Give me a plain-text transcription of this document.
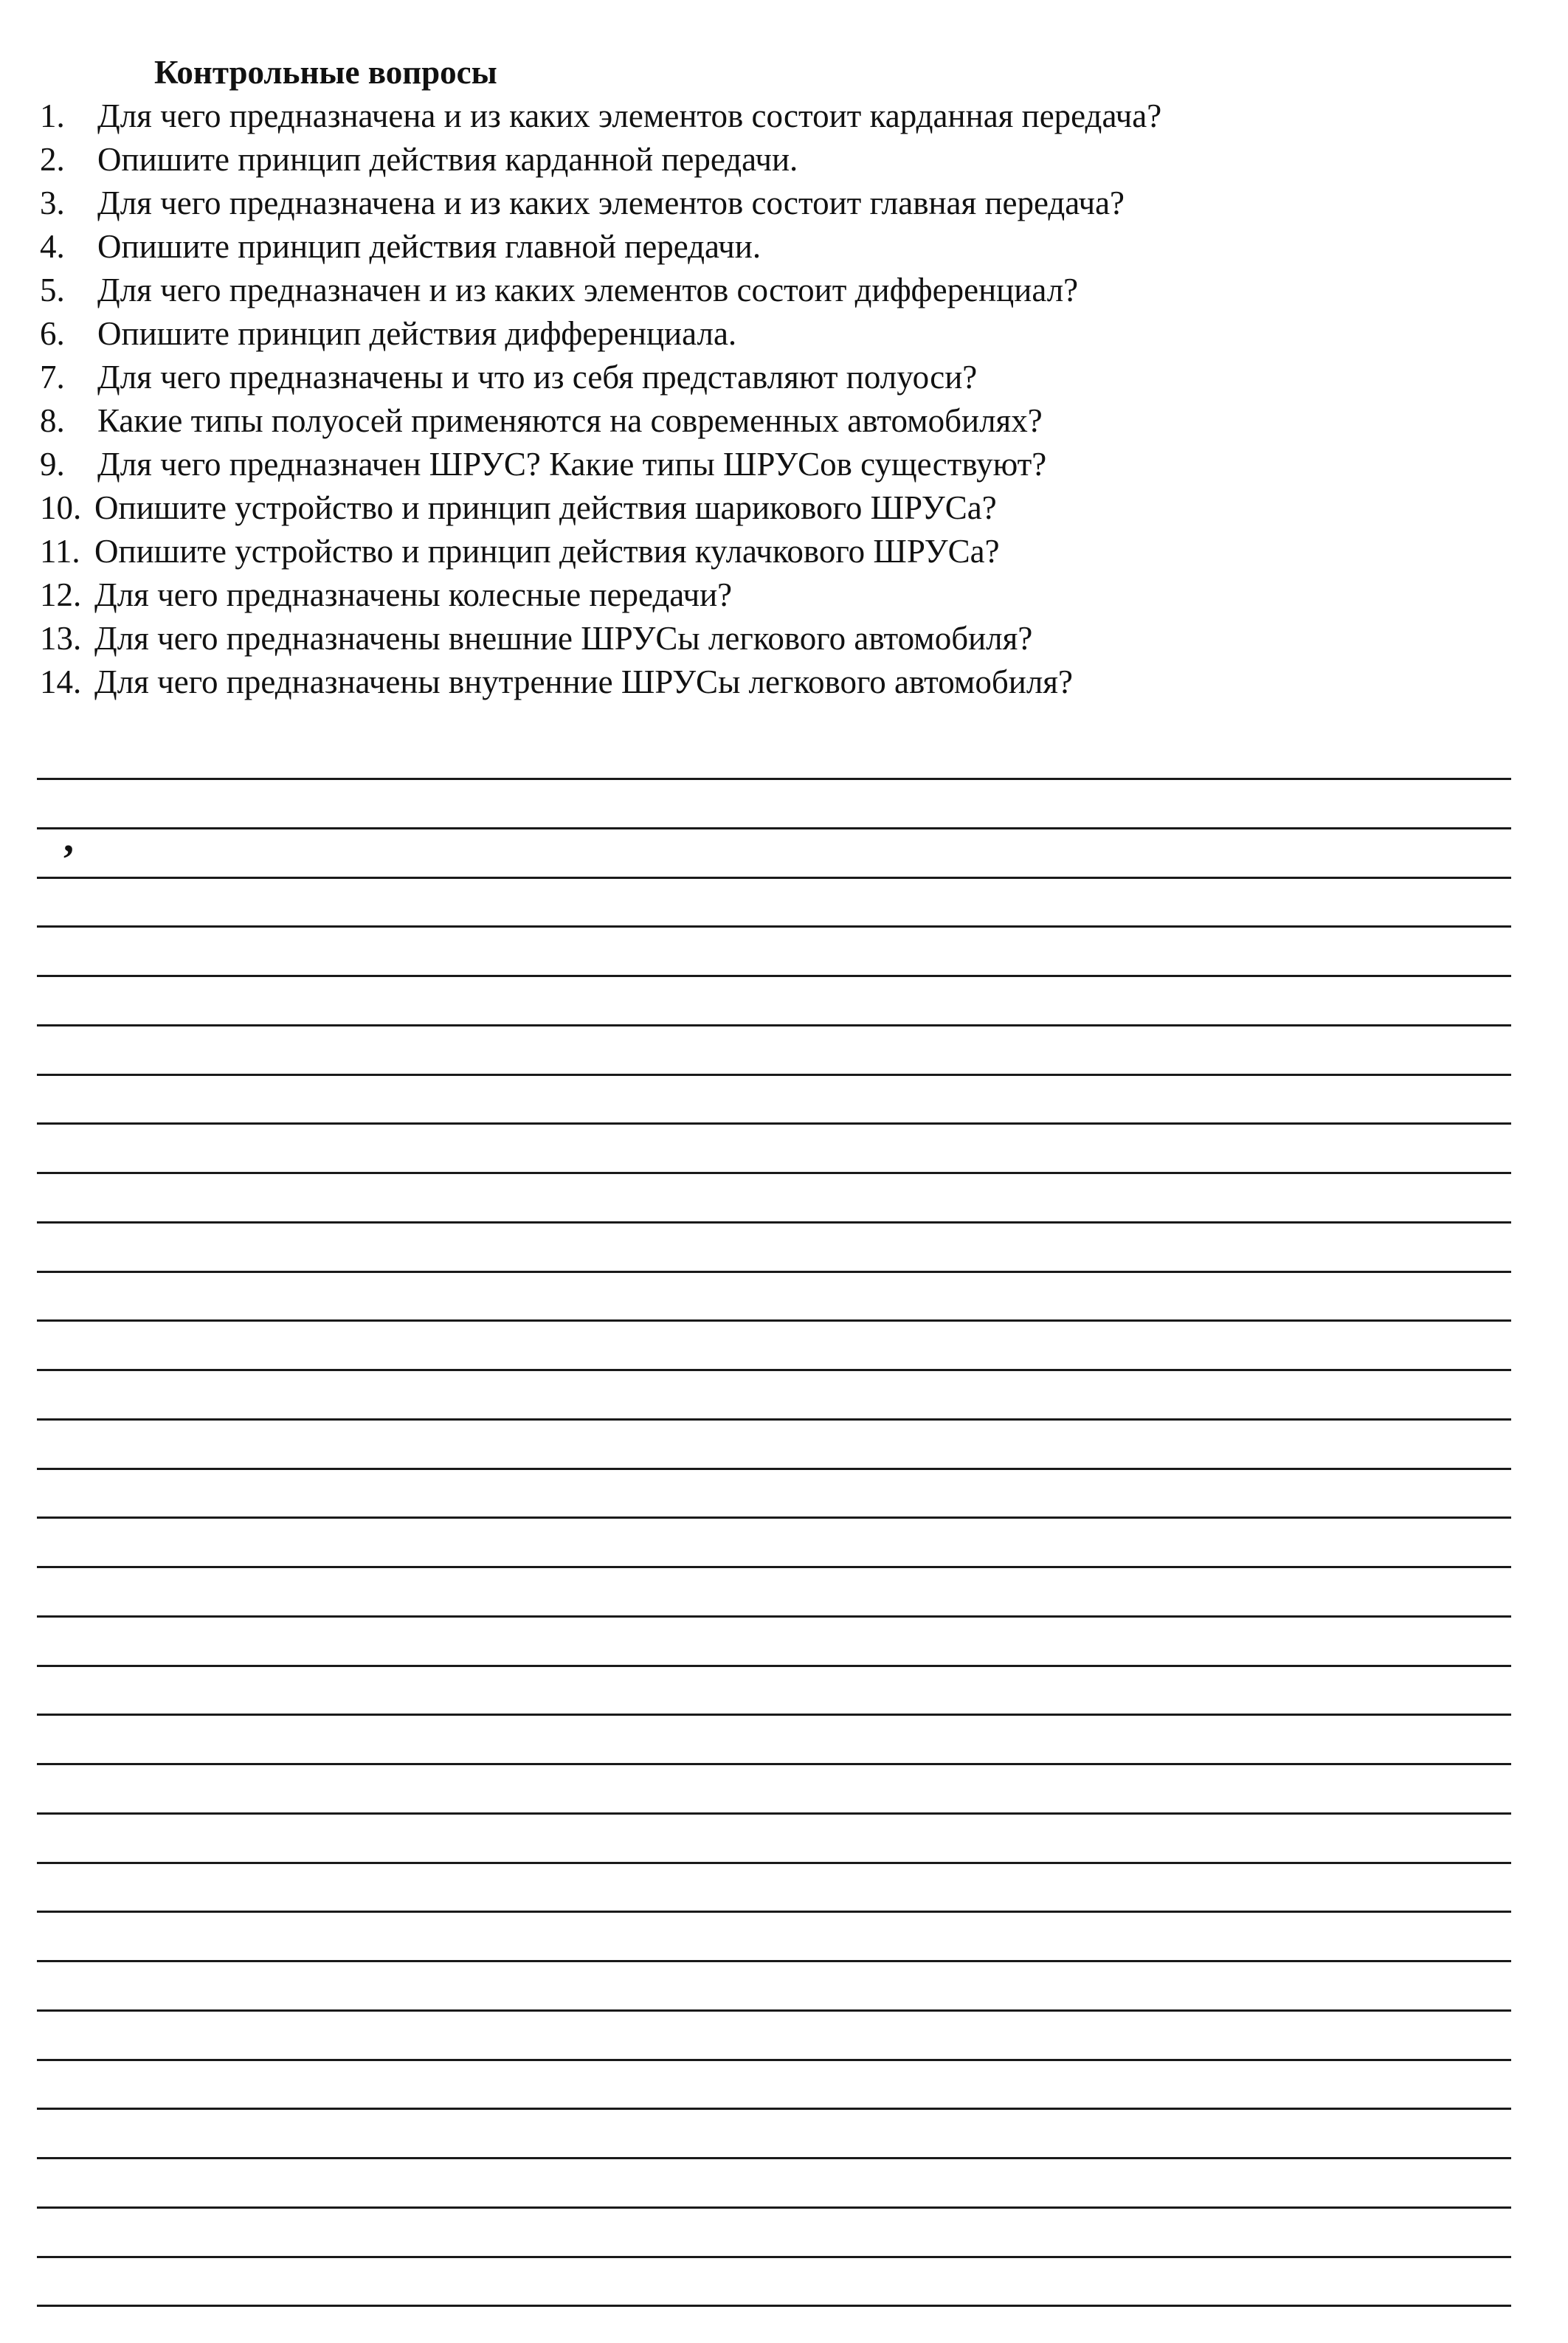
Контрольные вопросы
1. Для чего предназначена и из каких элементов состоит карданная передача?
2. Опишите принцип действия карданной передачи.
3. Для чего предназначена и из каких элементов состоит главная передача?
4. Опишите принцип действия главной передачи.
5. Для чего предназначен и из каких элементов состоит дифференциал?
6. Опишите принцип действия дифференциала.
7. Для чего предназначены и что из себя представляют полуоси?
8. Какие типы полуосей применяются на современных автомобилях?
9. Для чего предназначен ШРУС? Какие типы ШРУСов существуют?
10. Опишите устройство и принцип действия шарикового ШРУСа?
11. Опишите устройство и принцип действия кулачкового ШРУСа?
12. Для чего предназначены колесные передачи?
13. Для чего предназначены внешние ШРУСы легкового автомобиля?
14. Для чего предназначены внутренние ШРУСы легкового автомобиля?
,
